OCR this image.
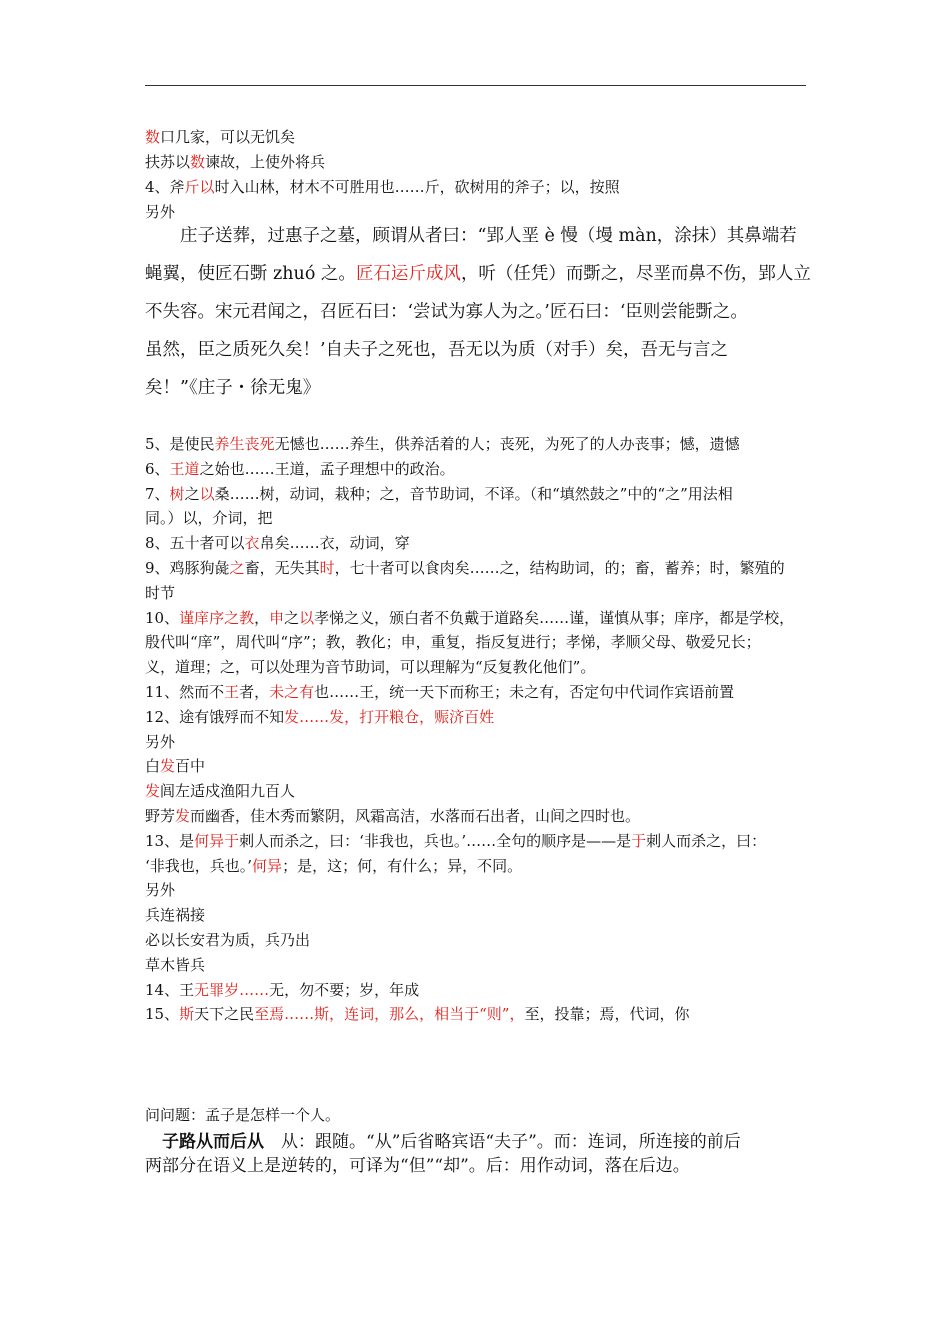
数口几家，可以无饥矣
扶苏以数谏故，上使外将兵
4、斧斤以时入山林，材木不可胜用也……斤，砍树用的斧子；以，按照
另外
　　庄子送葬，过惠子之墓，顾谓从者曰：“郢人垩 è 慢（墁 màn，涂抹）其鼻端若
蝇翼，使匠石斲 zhuó 之。匠石运斤成风，听（任凭）而斲之，尽垩而鼻不伤，郢人立
不失容。宋元君闻之，召匠石曰：‘尝试为寡人为之。’匠石曰：‘臣则尝能斲之。
虽然，臣之质死久矣！’自夫子之死也，吾无以为质（对手）矣，吾无与言之
矣！”《庄子・徐无鬼》
5、是使民养生丧死无憾也……养生，供养活着的人；丧死，为死了的人办丧事；憾，遗憾
6、王道之始也……王道，孟子理想中的政治。
7、树之以桑……树，动词，栽种；之，音节助词，不译。（和“填然鼓之”中的“之”用法相
同。）以，介词，把
8、五十者可以衣帛矣……衣，动词，穿
9、鸡豚狗彘之畜，无失其时，七十者可以食肉矣……之，结构助词，的；畜，蓄养；时，繁殖的
时节
10、谨庠序之教，申之以孝悌之义，颁白者不负戴于道路矣……谨，谨慎从事；庠序，都是学校，
殷代叫“庠”，周代叫“序”；教，教化；申，重复，指反复进行；孝悌，孝顺父母、敬爱兄长；
义，道理；之，可以处理为音节助词，可以理解为“反复教化他们”。
11、然而不王者，未之有也……王，统一天下而称王；未之有，否定句中代词作宾语前置
12、途有饿殍而不知发……发，打开粮仓，赈济百姓
另外
白发百中
发闾左适戍渔阳九百人
野芳发而幽香，佳木秀而繁阴，风霜高洁，水落而石出者，山间之四时也。
13、是何异于刺人而杀之，曰：‘非我也，兵也。’……全句的顺序是——是于刺人而杀之，曰：
‘非我也，兵也。’何异；是，这；何，有什么；异，不同。
另外
兵连祸接
必以长安君为质，兵乃出
草木皆兵
14、王无罪岁……无，勿不要；岁，年成
15、斯天下之民至焉……斯，连词，那么，相当于“则”，至，投靠；焉，代词，你
问问题：孟子是怎样一个人。
　子路从而后从　从：跟随。“从”后省略宾语“夫子”。而：连词，所连接的前后
两部分在语义上是逆转的，可译为“但”“却”。后：用作动词，落在后边。
